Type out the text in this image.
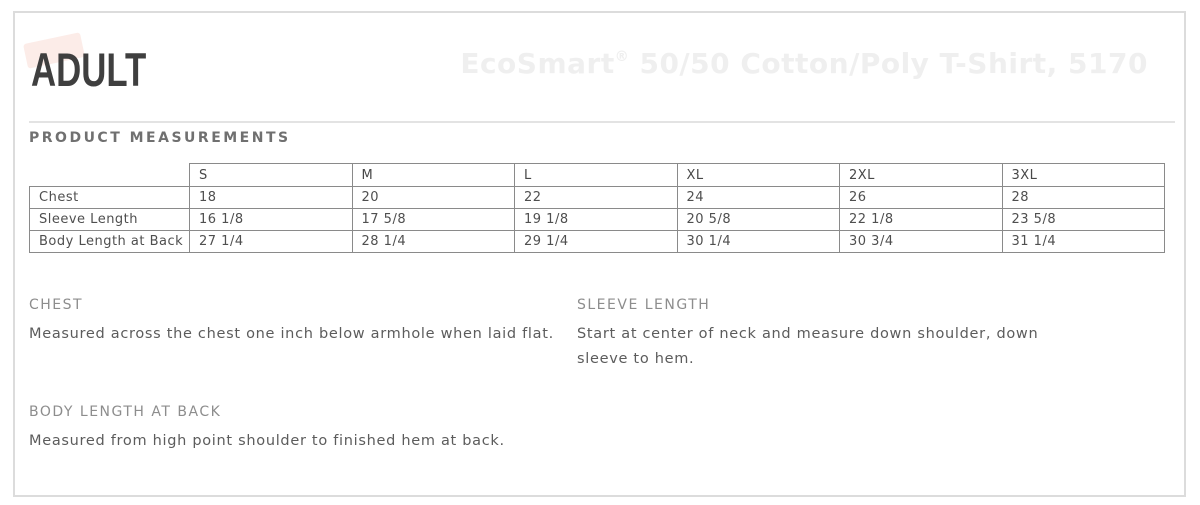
ADULT	EcoSmart® 50/50 Cotton/Poly T-Shirt, 5170
PRODUCT MEASUREMENTS
	S	M	L	XL	2XL	3XL
Chest	18	20	22	24	26	28
Sleeve Length	16 1/8	17 5/8	19 1/8	20 5/8	22 1/8	23 5/8
Body Length at Back	27 1/4	28 1/4	29 1/4	30 1/4	30 3/4	31 1/4
CHEST
Measured across the chest one inch below armhole when laid flat.
SLEEVE LENGTH
Start at center of neck and measure down shoulder, down sleeve to hem.
BODY LENGTH AT BACK
Measured from high point shoulder to finished hem at back.
